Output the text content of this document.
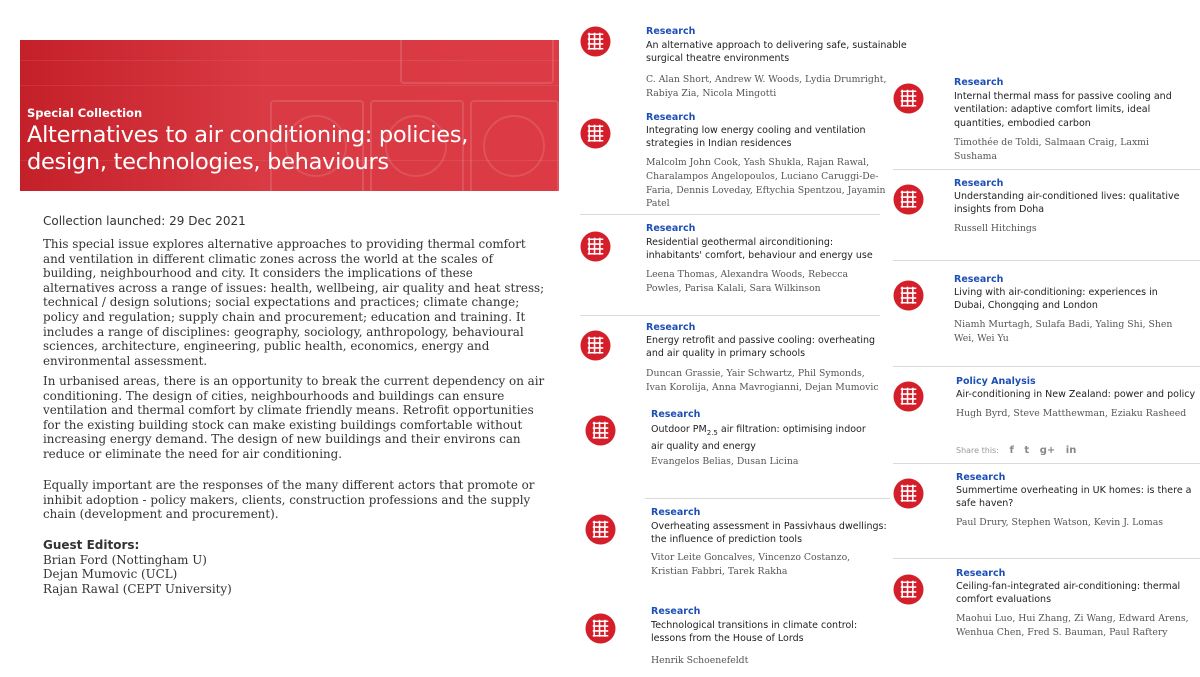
Special Collection
Alternatives to air conditioning: policies, design, technologies, behaviours
Collection launched: 29 Dec 2021

This special issue explores alternative approaches to providing thermal comfort and ventilation in different climatic zones across the world at the scales of building, neighbourhood and city. It considers the implications of these alternatives across a range of issues: health, wellbeing, air quality and heat stress; technical / design solutions; social expectations and practices; climate change; policy and regulation; supply chain and procurement; education and training. It includes a range of disciplines: geography, sociology, anthropology, behavioural sciences, architecture, engineering, public health, economics, energy and environmental assessment.

In urbanised areas, there is an opportunity to break the current dependency on air conditioning. The design of cities, neighbourhoods and buildings can ensure ventilation and thermal comfort by climate friendly means. Retrofit opportunities for the existing building stock can make existing buildings comfortable without increasing energy demand. The design of new buildings and their environs can reduce or eliminate the need for air conditioning.

Equally important are the responses of the many different actors that promote or inhibit adoption - policy makers, clients, construction professions and the supply chain (development and procurement).

Guest Editors:
Brian Ford (Nottingham U)
Dejan Mumovic (UCL)
Rajan Rawal (CEPT University)
Research
An alternative approach to delivering safe, sustainable surgical theatre environments
C. Alan Short, Andrew W. Woods, Lydia Drumright, Rabiya Zia, Nicola Mingotti
Research
Integrating low energy cooling and ventilation strategies in Indian residences
Malcolm John Cook, Yash Shukla, Rajan Rawal, Charalampos Angelopoulos, Luciano Caruggi-De-Faria, Dennis Loveday, Eftychia Spentzou, Jayamin Patel
Research
Residential geothermal airconditioning: inhabitants' comfort, behaviour and energy use
Leena Thomas, Alexandra Woods, Rebecca Powles, Parisa Kalali, Sara Wilkinson
Research
Energy retrofit and passive cooling: overheating and air quality in primary schools
Duncan Grassie, Yair Schwartz, Phil Symonds, Ivan Korolija, Anna Mavrogianni, Dejan Mumovic
Research
Outdoor $PM_{2.5}$ air filtration: optimising indoor air quality and energy
Evangelos Belias, Dusan Licina
Research
Overheating assessment in Passivhaus dwellings: the influence of prediction tools
Vitor Leite Goncalves, Vincenzo Costanzo, Kristian Fabbri, Tarek Rakha
Research
Technological transitions in climate control: lessons from the House of Lords
Henrik Schoenefeldt
Research
Internal thermal mass for passive cooling and ventilation: adaptive comfort limits, ideal quantities, embodied carbon
Timothée de Toldi, Salmaan Craig, Laxmi Sushama
Research
Understanding air-conditioned lives: qualitative insights from Doha
Russell Hitchings
Research
Living with air-conditioning: experiences in Dubai, Chongqing and London
Niamh Murtagh, Sulafa Badi, Yaling Shi, Shen Wei, Wei Yu
Policy Analysis
Air-conditioning in New Zealand: power and policy
Hugh Byrd, Steve Matthewman, Eziaku Rasheed
Share this: f t g+ in
Research
Summertime overheating in UK homes: is there a safe haven?
Paul Drury, Stephen Watson, Kevin J. Lomas
Research
Ceiling-fan-integrated air-conditioning: thermal comfort evaluations
Maohui Luo, Hui Zhang, Zi Wang, Edward Arens, Wenhua Chen, Fred S. Bauman, Paul Raftery
